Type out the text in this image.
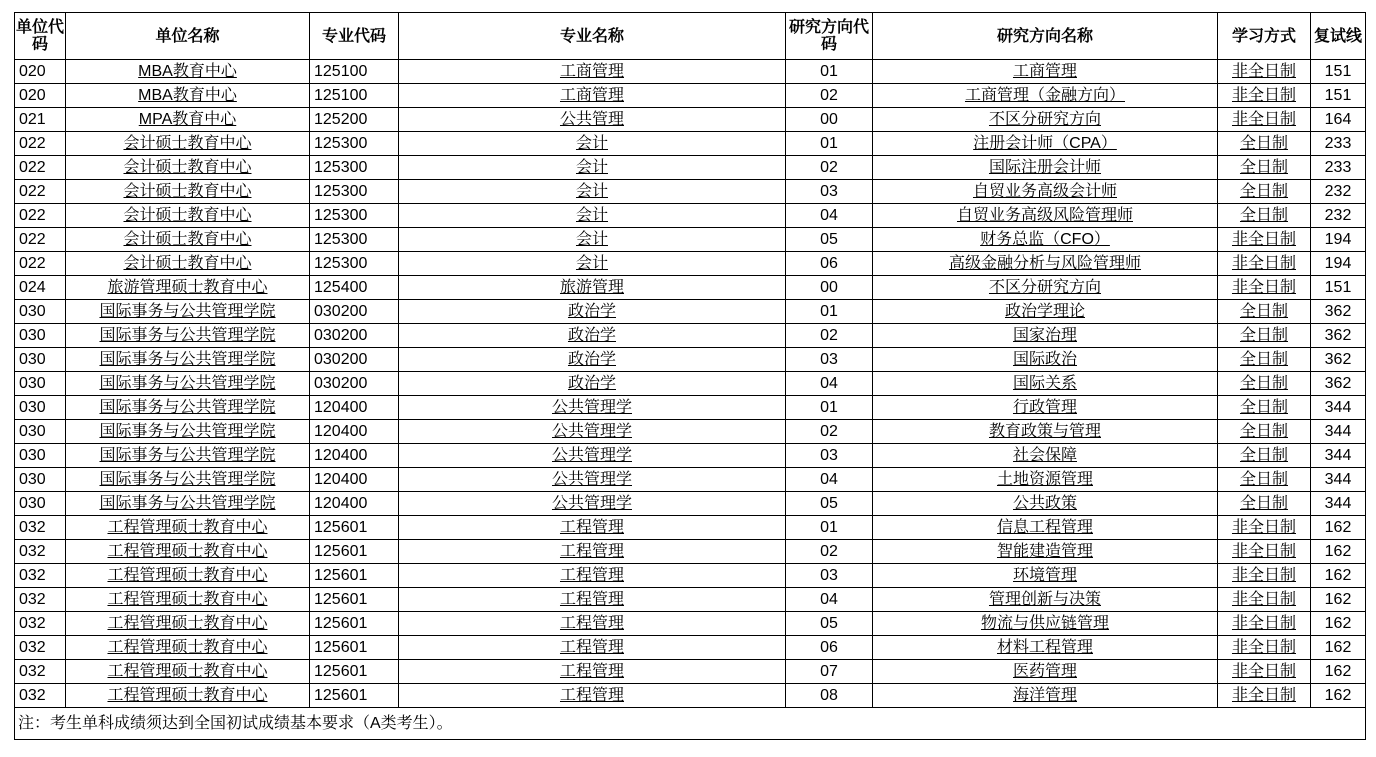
单位代码	单位名称	专业代码	专业名称	研究方向代码	研究方向名称	学习方式	复试线
020	MBA教育中心	125100	工商管理	01	工商管理	非全日制	151
020	MBA教育中心	125100	工商管理	02	工商管理（金融方向）	非全日制	151
021	MPA教育中心	125200	公共管理	00	不区分研究方向	非全日制	164
022	会计硕士教育中心	125300	会计	01	注册会计师（CPA）	全日制	233
022	会计硕士教育中心	125300	会计	02	国际注册会计师	全日制	233
022	会计硕士教育中心	125300	会计	03	自贸业务高级会计师	全日制	232
022	会计硕士教育中心	125300	会计	04	自贸业务高级风险管理师	全日制	232
022	会计硕士教育中心	125300	会计	05	财务总监（CFO）	非全日制	194
022	会计硕士教育中心	125300	会计	06	高级金融分析与风险管理师	非全日制	194
024	旅游管理硕士教育中心	125400	旅游管理	00	不区分研究方向	非全日制	151
030	国际事务与公共管理学院	030200	政治学	01	政治学理论	全日制	362
030	国际事务与公共管理学院	030200	政治学	02	国家治理	全日制	362
030	国际事务与公共管理学院	030200	政治学	03	国际政治	全日制	362
030	国际事务与公共管理学院	030200	政治学	04	国际关系	全日制	362
030	国际事务与公共管理学院	120400	公共管理学	01	行政管理	全日制	344
030	国际事务与公共管理学院	120400	公共管理学	02	教育政策与管理	全日制	344
030	国际事务与公共管理学院	120400	公共管理学	03	社会保障	全日制	344
030	国际事务与公共管理学院	120400	公共管理学	04	土地资源管理	全日制	344
030	国际事务与公共管理学院	120400	公共管理学	05	公共政策	全日制	344
032	工程管理硕士教育中心	125601	工程管理	01	信息工程管理	非全日制	162
032	工程管理硕士教育中心	125601	工程管理	02	智能建造管理	非全日制	162
032	工程管理硕士教育中心	125601	工程管理	03	环境管理	非全日制	162
032	工程管理硕士教育中心	125601	工程管理	04	管理创新与决策	非全日制	162
032	工程管理硕士教育中心	125601	工程管理	05	物流与供应链管理	非全日制	162
032	工程管理硕士教育中心	125601	工程管理	06	材料工程管理	非全日制	162
032	工程管理硕士教育中心	125601	工程管理	07	医药管理	非全日制	162
032	工程管理硕士教育中心	125601	工程管理	08	海洋管理	非全日制	162
注：考生单科成绩须达到全国初试成绩基本要求（A类考生）。							
